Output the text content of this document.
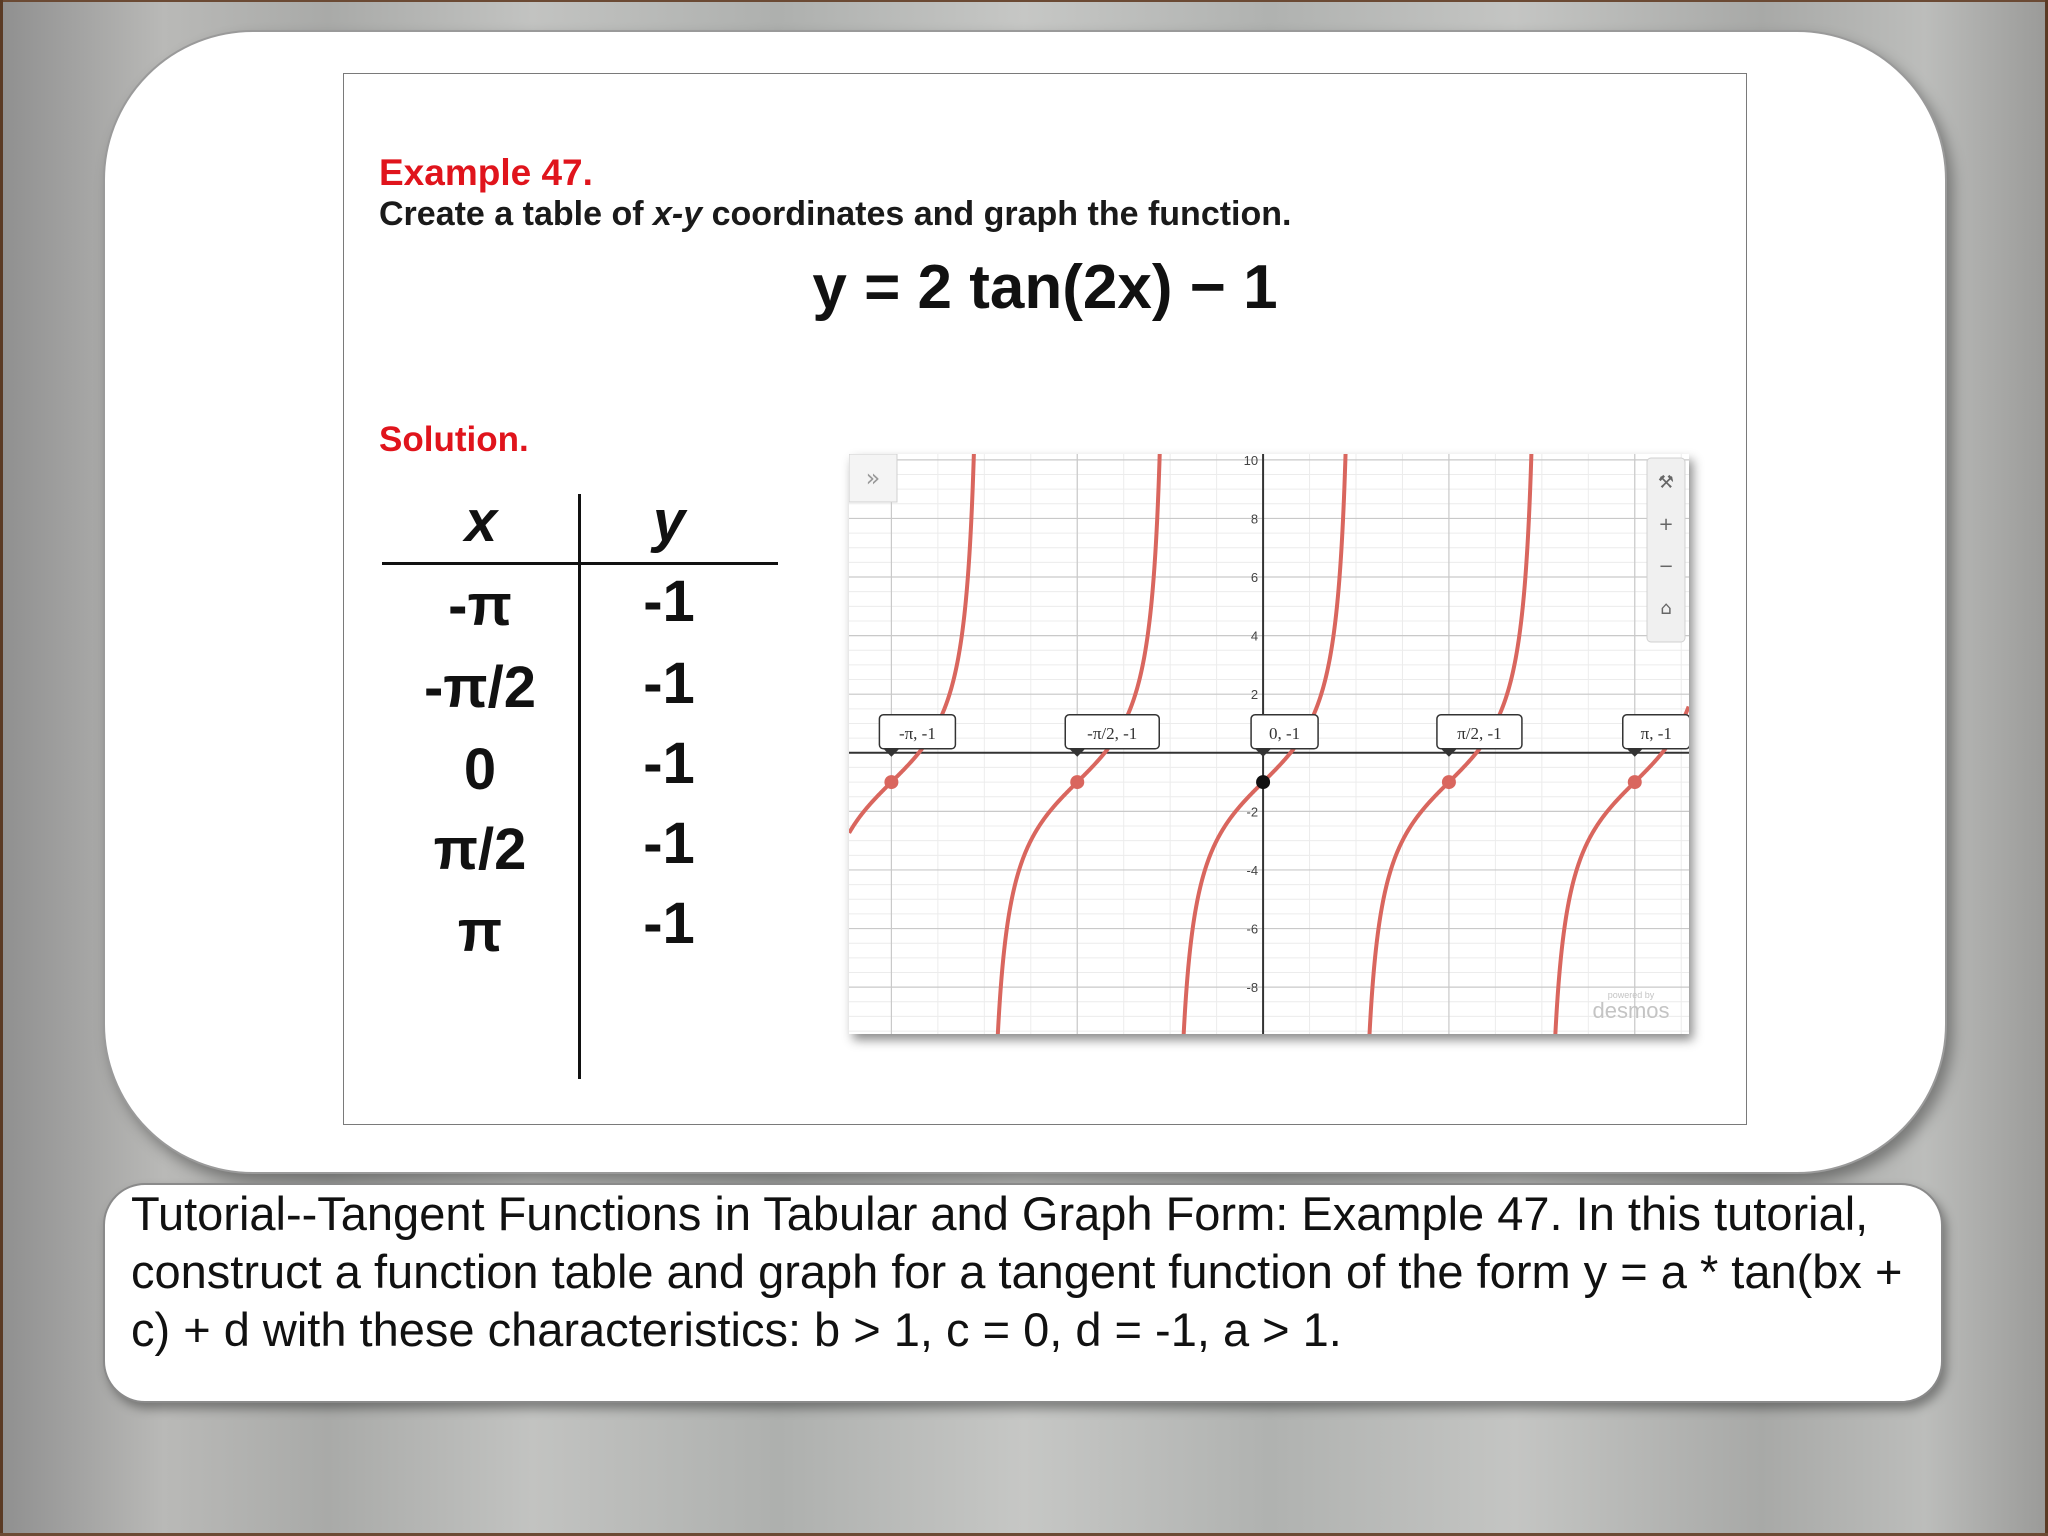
Example 47.

Create a table of x-y coordinates and graph the function.

y = 2 tan(2x) − 1

Solution.

x	y
-π	-1
-π/2	-1
0	-1
π/2	-1
π	-1
10
8
6
4
2
-2
-4
-6
-8
-π, -1	-π/2, -1	0, -1	π/2, -1	π, -1
»	⚒
+
−
⌂
powered by
desmos

Tutorial--Tangent Functions in Tabular and Graph Form: Example 47. In this tutorial, construct a function table and graph for a tangent function of the form y = a * tan(bx + c) + d with these characteristics: b > 1, c = 0, d = -1, a > 1.
